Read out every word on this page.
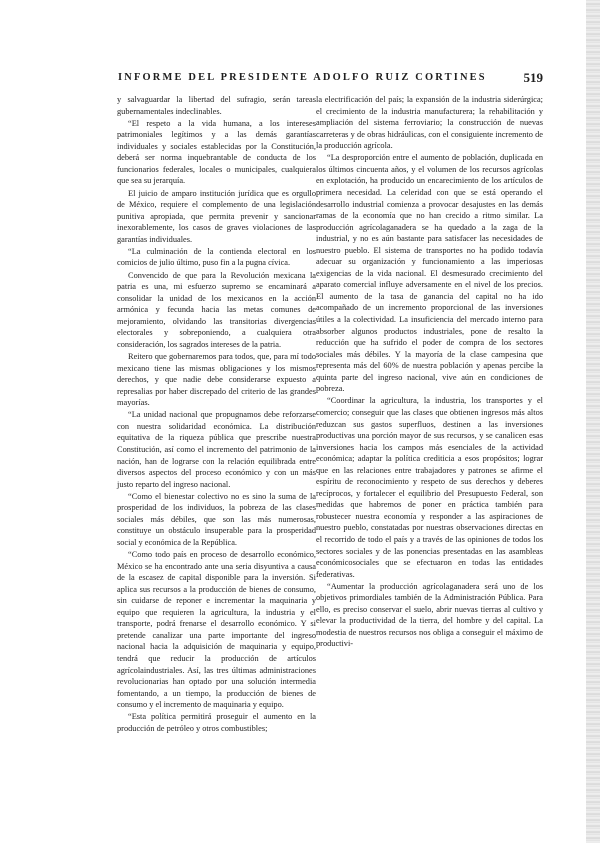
INFORME DEL PRESIDENTE ADOLFO RUIZ CORTINES	519

y salvaguardar la libertad del sufragio, serán tareas gubernamentales indeclinables.

“El respeto a la vida humana, a los intereses patrimoniales legítimos y a las demás garantías individuales y sociales establecidas por la Constitución, deberá ser norma inquebrantable de conducta de los funcionarios federales, locales o municipales, cualquiera que sea su jerarquía.

El juicio de amparo institución jurídica que es orgullo de México, requiere el complemento de una legislación punitiva apropiada, que permita prevenir y sancionar inexorablemente, los casos de graves violaciones de las garantías individuales.

“La culminación de la contienda electoral en los comicios de julio último, puso fin a la pugna cívica.

Convencido de que para la Revolución mexicana la patria es una, mi esfuerzo supremo se encaminará a consolidar la unidad de los mexicanos en la acción armónica y fecunda hacia las metas comunes de mejoramiento, olvidando las transitorias divergencias electorales y sobreponiendo, a cualquiera otra consideración, los sagrados intereses de la patria.

Reitero que gobernaremos para todos, que, para mí todo mexicano tiene las mismas obligaciones y los mismos derechos, y que nadie debe considerarse expuesto a represalias por haber discrepado del criterio de las grandes mayorías.

“La unidad nacional que propugnamos debe reforzarse con nuestra solidaridad económica. La distribución equitativa de la riqueza pública que prescribe nuestra Constitución, así como el incremento del patrimonio de la nación, han de lograrse con la relación equilibrada entre diversos aspectos del proceso económico y con un más justo reparto del ingreso nacional.

“Como el bienestar colectivo no es sino la suma de la prosperidad de los individuos, la pobreza de las clases sociales más débiles, que son las más numerosas, constituye un obstáculo insuperable para la prosperidad social y económica de la República.

“Como todo país en proceso de desarrollo económico, México se ha encontrado ante una seria disyuntiva a causa de la escasez de capital disponible para la inversión. Si aplica sus recursos a la producción de bienes de consumo, sin cuidarse de reponer e incrementar la maquinaria y equipo que requieren la agricultura, la industria y el transporte, podrá frenarse el desarrollo económico. Y si pretende canalizar una parte importante del ingreso nacional hacia la adquisición de maquinaria y equipo, tendrá que reducir la producción de artículos agrícolaindustriales. Así, las tres últimas administraciones revolucionarias han optado por una solución intermedia fomentando, a un tiempo, la producción de bienes de consumo y el incremento de maquinaria y equipo.

“Esta política permitirá proseguir el aumento en la producción de petróleo y otros combustibles;

la electrificación del país; la expansión de la industria siderúrgica; el crecimiento de la industria manufacturera; la rehabilitación y ampliación del sistema ferroviario; la construcción de nuevas carreteras y de obras hidráulicas, con el consiguiente incremento de la producción agrícola.

“La desproporción entre el aumento de población, duplicada en los últimos cincuenta años, y el volumen de los recursos agrícolas en explotación, ha producido un encarecimiento de los artículos de primera necesidad. La celeridad con que se está operando el desarrollo industrial comienza a provocar desajustes en las demás ramas de la economía que no han crecido a ritmo similar. La producción agrícolaganadera se ha quedado a la zaga de la industrial, y no es aún bastante para satisfacer las necesidades de nuestro pueblo. El sistema de transportes no ha podido todavía adecuar su organización y funcionamiento a las imperiosas exigencias de la vida nacional. El desmesurado crecimiento del aparato comercial influye adversamente en el nivel de los precios. El aumento de la tasa de ganancia del capital no ha ido acompañado de un incremento proporcional de las inversiones útiles a la colectividad. La insuficiencia del mercado interno para absorber algunos productos industriales, pone de resalto la reducción que ha sufrido el poder de compra de los sectores sociales más débiles. Y la mayoría de la clase campesina que representa más del 60% de nuestra población y apenas percibe la quinta parte del ingreso nacional, vive aún en condiciones de pobreza.

“Coordinar la agricultura, la industria, los transportes y el comercio; conseguir que las clases que obtienen ingresos más altos reduzcan sus gastos superfluos, destinen a las inversiones productivas una porción mayor de sus recursos, y se canalicen esas inversiones hacia los campos más esenciales de la actividad económica; adaptar la política crediticia a esos propósitos; lograr que en las relaciones entre trabajadores y patrones se afirme el espíritu de reconocimiento y respeto de sus derechos y deberes recíprocos, y fortalecer el equilibrio del Presupuesto Federal, son medidas que habremos de poner en práctica también para robustecer nuestra economía y responder a las aspiraciones de nuestro pueblo, constatadas por nuestras observaciones directas en el recorrido de todo el país y a través de las opiniones de todos los sectores sociales y de las ponencias presentadas en las asambleas económicosociales que se efectuaron en todas las entidades federativas.

“Aumentar la producción agrícolaganadera será uno de los objetivos primordiales también de la Administración Pública. Para ello, es preciso conservar el suelo, abrir nuevas tierras al cultivo y elevar la productividad de la tierra, del hombre y del capital. La modestia de nuestros recursos nos obliga a conseguir el máximo de productivi-
